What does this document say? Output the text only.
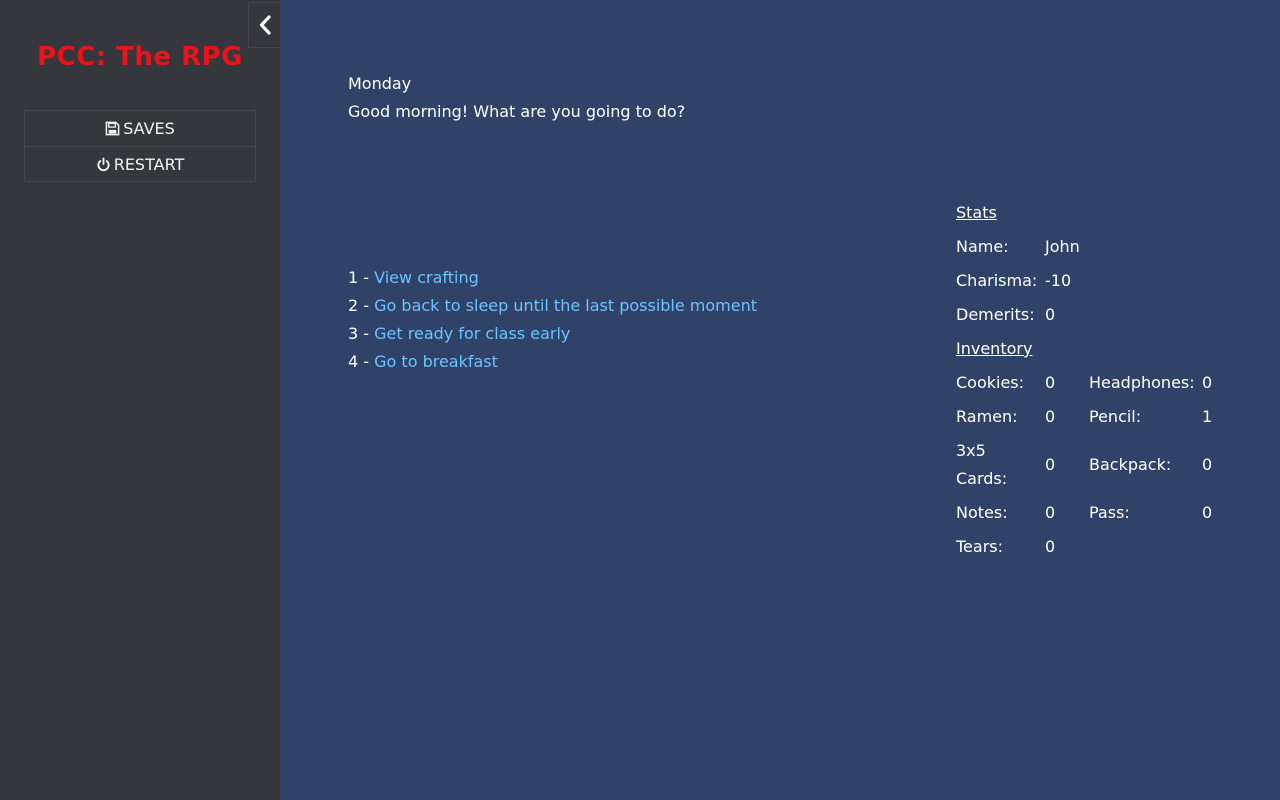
PCC: The RPG
SAVES
RESTART
Monday
Good morning! What are you going to do?
1 - View crafting
2 - Go back to sleep until the last possible moment
3 - Get ready for class early
4 - Go to breakfast
Stats
Name:	John
Charisma: -10
Demerits: 0
Inventory
Cookies:	0	Headphones:	0
Ramen:	0	Pencil:	1

3x5
Cards:	0	Backpack:	0
Notes:	0	Pass:	0
Tears:	0		
